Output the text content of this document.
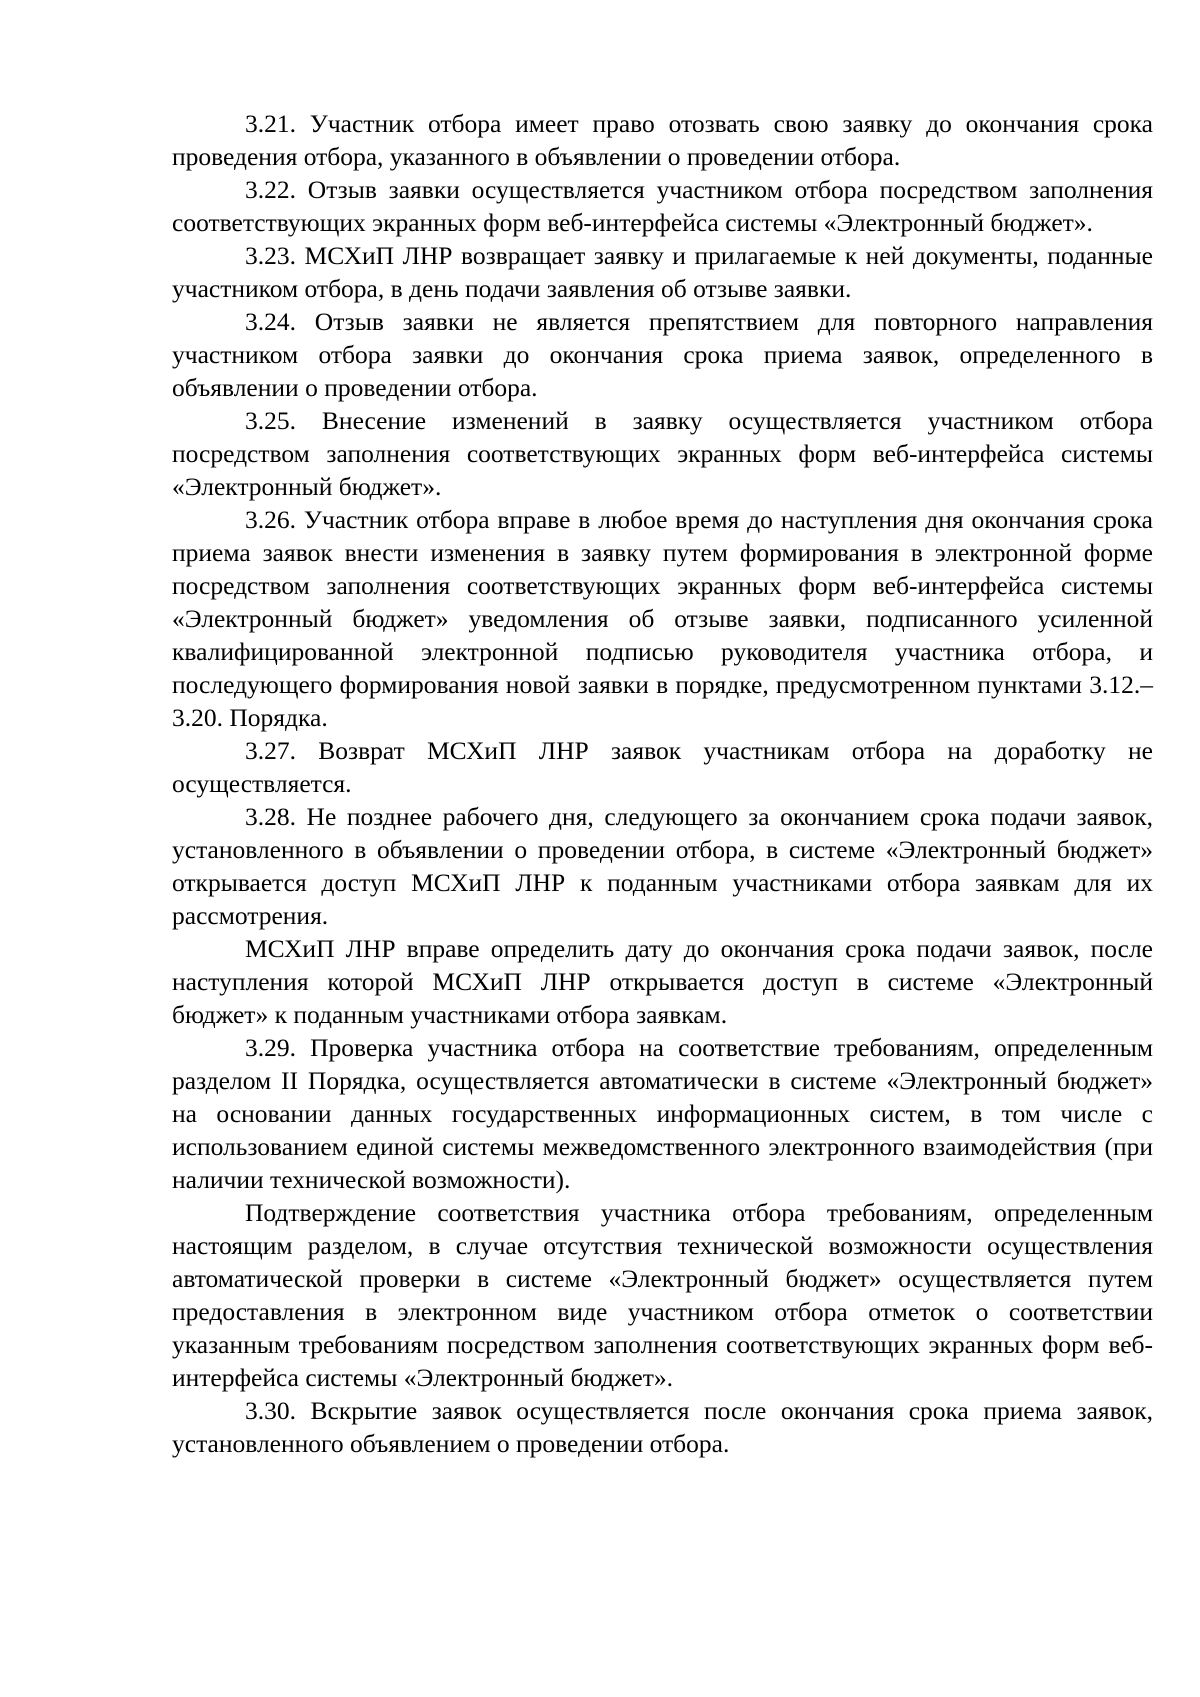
3.21. Участник отбора имеет право отозвать свою заявку до окончания срока проведения отбора, указанного в объявлении о проведении отбора.

3.22. Отзыв заявки осуществляется участником отбора посредством заполнения соответствующих экранных форм веб-интерфейса системы «Электронный бюджет».

3.23. МСХиП ЛНР возвращает заявку и прилагаемые к ней документы, поданные участником отбора, в день подачи заявления об отзыве заявки.

3.24. Отзыв заявки не является препятствием для повторного направления участником отбора заявки до окончания срока приема заявок, определенного в объявлении о проведении отбора.

3.25. Внесение изменений в заявку осуществляется участником отбора посредством заполнения соответствующих экранных форм веб-интерфейса системы «Электронный бюджет».

3.26. Участник отбора вправе в любое время до наступления дня окончания срока приема заявок внести изменения в заявку путем формирования в электронной форме посредством заполнения соответствующих экранных форм веб-интерфейса системы «Электронный бюджет» уведомления об отзыве заявки, подписанного усиленной квалифицированной электронной подписью руководителя участника отбора, и последующего формирования новой заявки в порядке, предусмотренном пунктами 3.12.–3.20. Порядка.

3.27. Возврат МСХиП ЛНР заявок участникам отбора на доработку не осуществляется.

3.28. Не позднее рабочего дня, следующего за окончанием срока подачи заявок, установленного в объявлении о проведении отбора, в системе «Электронный бюджет» открывается доступ МСХиП ЛНР к поданным участниками отбора заявкам для их рассмотрения.

МСХиП ЛНР вправе определить дату до окончания срока подачи заявок, после наступления которой МСХиП ЛНР открывается доступ в системе «Электронный бюджет» к поданным участниками отбора заявкам.

3.29. Проверка участника отбора на соответствие требованиям, определенным разделом II Порядка, осуществляется автоматически в системе «Электронный бюджет» на основании данных государственных информационных систем, в том числе с использованием единой системы межведомственного электронного взаимодействия (при наличии технической возможности).

Подтверждение соответствия участника отбора требованиям, определенным настоящим разделом, в случае отсутствия технической возможности осуществления автоматической проверки в системе «Электронный бюджет» осуществляется путем предоставления в электронном виде участником отбора отметок о соответствии указанным требованиям посредством заполнения соответствующих экранных форм веб-интерфейса системы «Электронный бюджет».

3.30. Вскрытие заявок осуществляется после окончания срока приема заявок, установленного объявлением о проведении отбора.
